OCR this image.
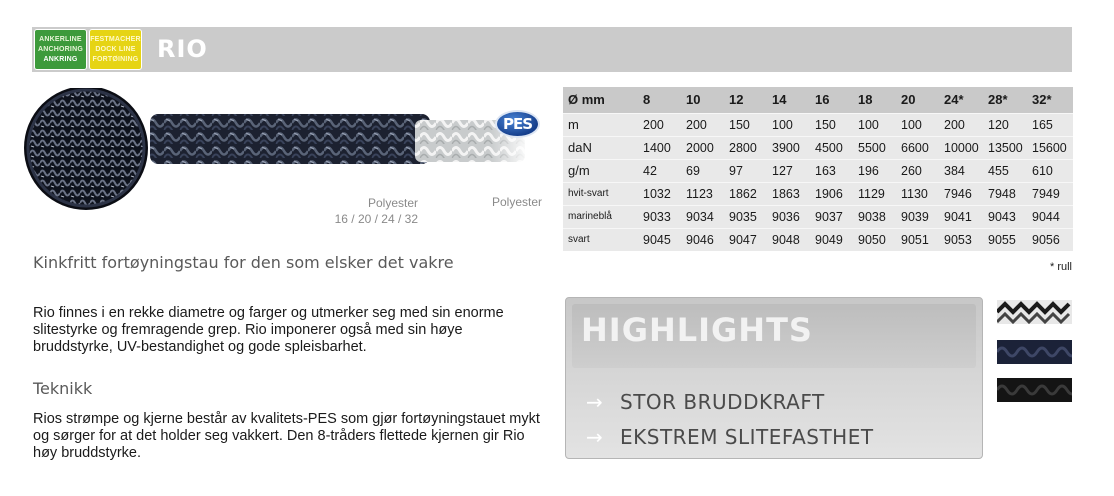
ANKERLINE
ANCHORING
ANKRING
FESTMACHER
DOCK LINE
FORTØINING RIO
PES
Polyester
16 / 20 / 24 / 32
Polyester
Kinkfritt fortøyningstau for den som elsker det vakre

Rio finnes i en rekke diametre og farger og utmerker seg med sin enorme slitestyrke og fremragende grep. Rio imponerer også med sin høye bruddstyrke, UV-bestandighet og gode spleisbarhet.

Teknikk

Rios strømpe og kjerne består av kvalitets-PES som gjør fortøyningstauet mykt og sørger for at det holder seg vakkert. Den 8-tråders flettede kjernen gir Rio høy bruddstyrke.

Ø mm	8	10	12	14	16	18	20	24*	28*	32*
m	200	200	150	100	150	100	100	200	120	165
daN	1400	2000	2800	3900	4500	5500	6600	10000	13500	15600
g/m	42	69	97	127	163	196	260	384	455	610
hvit-svart	1032	1123	1862	1863	1906	1129	1130	7946	7948	7949
marineblå	9033	9034	9035	9036	9037	9038	9039	9041	9043	9044
svart	9045	9046	9047	9048	9049	9050	9051	9053	9055	9056
* rull
HIGHLIGHTS
→ STOR BRUDDKRAFT
→ EKSTREM SLITEFASTHET
